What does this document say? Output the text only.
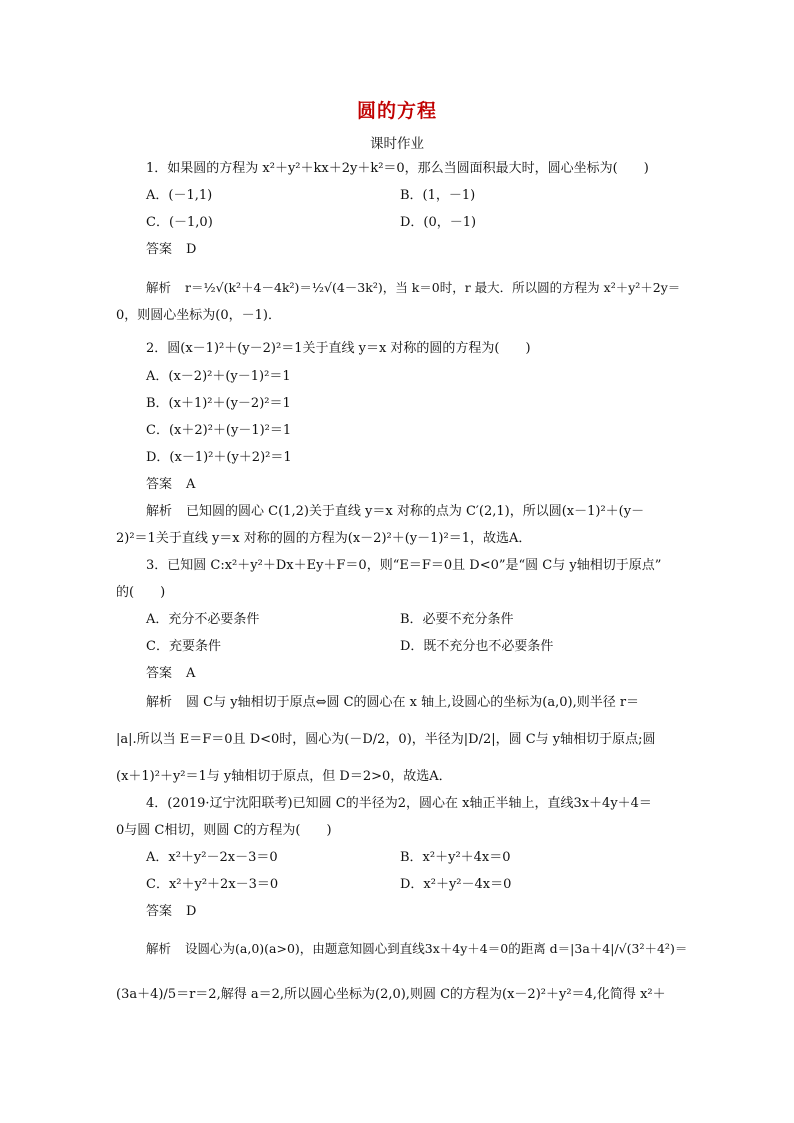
圆的方程
课时作业
1．如果圆的方程为 x²＋y²＋kx＋2y＋k²＝0，那么当圆面积最大时，圆心坐标为(　　)
A．(－1,1)	B．(1，－1)
C．(－1,0)	D．(0，－1)
答案 D
解析 r＝½√(k²＋4－4k²)＝½√(4－3k²)，当 k＝0时，r 最大．所以圆的方程为 x²＋y²＋2y＝
0，则圆心坐标为(0，－1)．
2．圆(x－1)²＋(y－2)²＝1关于直线 y＝x 对称的圆的方程为(　　)
A．(x－2)²＋(y－1)²＝1
B．(x＋1)²＋(y－2)²＝1
C．(x＋2)²＋(y－1)²＝1
D．(x－1)²＋(y＋2)²＝1
答案 A
解析 已知圆的圆心 C(1,2)关于直线 y＝x 对称的点为 C′(2,1)，所以圆(x－1)²＋(y－
2)²＝1关于直线 y＝x 对称的圆的方程为(x－2)²＋(y－1)²＝1，故选A．
3．已知圆 C:x²＋y²＋Dx＋Ey＋F＝0，则“E＝F＝0且 D<0”是“圆 C与 y轴相切于原点”
的(　　)
A．充分不必要条件	B．必要不充分条件
C．充要条件	D．既不充分也不必要条件
答案 A
解析 圆 C与 y轴相切于原点⇔圆 C的圆心在 x 轴上,设圆心的坐标为(a,0),则半径 r＝
|a|.所以当 E＝F＝0且 D<0时，圆心为(－D/2，0)，半径为|D/2|，圆 C与 y轴相切于原点;圆
(x＋1)²＋y²＝1与 y轴相切于原点，但 D＝2>0，故选A．
4．(2019·辽宁沈阳联考)已知圆 C的半径为2，圆心在 x轴正半轴上，直线3x＋4y＋4＝
0与圆 C相切，则圆 C的方程为(　　)
A．x²＋y²－2x－3＝0	B．x²＋y²＋4x＝0
C．x²＋y²＋2x－3＝0	D．x²＋y²－4x＝0
答案 D
解析 设圆心为(a,0)(a>0)，由题意知圆心到直线3x＋4y＋4＝0的距离 d＝|3a＋4|/√(3²＋4²)＝
(3a＋4)/5＝r＝2,解得 a＝2,所以圆心坐标为(2,0),则圆 C的方程为(x－2)²＋y²＝4,化简得 x²＋
